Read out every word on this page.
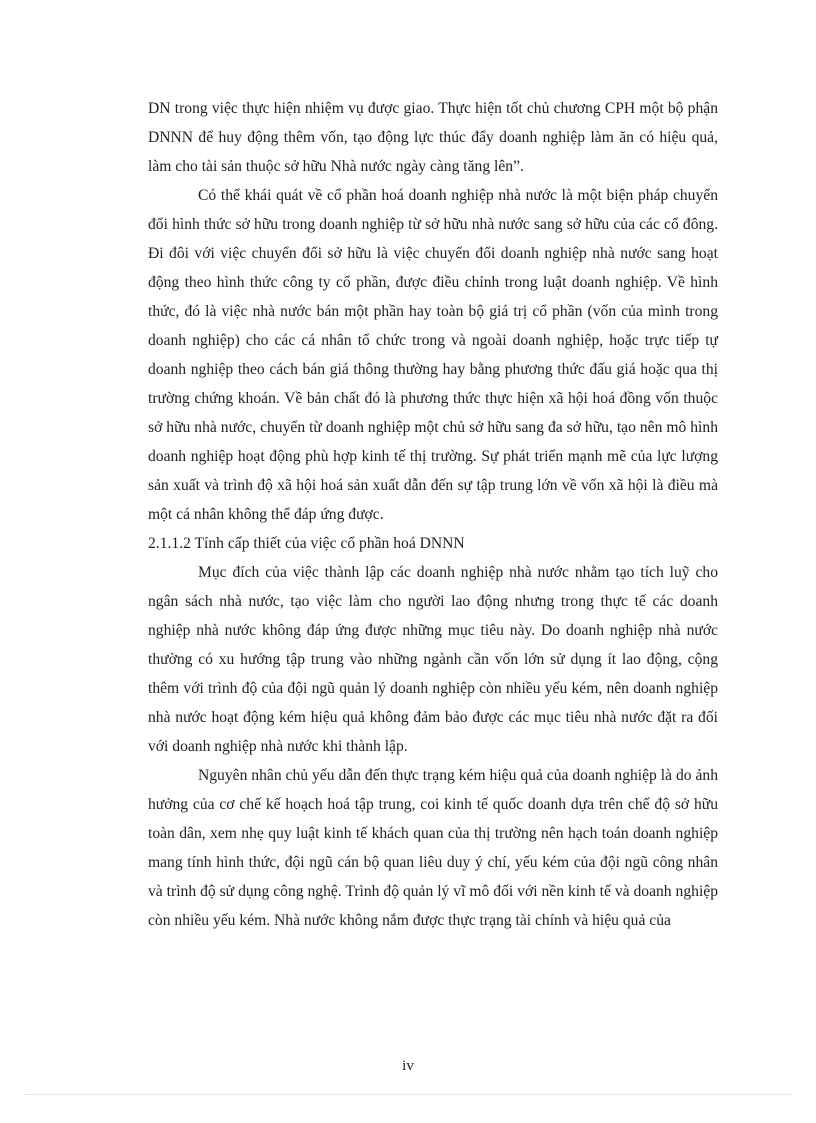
DN trong việc thực hiện nhiệm vụ được giao. Thực hiện tốt chủ chương CPH một bộ phận DNNN để huy động thêm vốn, tạo động lực thúc đẩy doanh nghiệp làm ăn có hiệu quả, làm cho tài sản thuộc sở hữu Nhà nước ngày càng tăng lên”.

Có thể khái quát về cổ phần hoá doanh nghiệp nhà nước là một biện pháp chuyển đổi hình thức sở hữu trong doanh nghiệp từ sở hữu nhà nước sang sở hữu của các cổ đông. Đi đôi với việc chuyển đổi sở hữu là việc chuyển đổi doanh nghiệp nhà nước sang hoạt động theo hình thức công ty cổ phần, được điều chỉnh trong luật doanh nghiệp. Về hình thức, đó là việc nhà nước bán một phần hay toàn bộ giá trị cổ phần (vốn của mình trong doanh nghiệp) cho các cá nhân tổ chức trong và ngoài doanh nghiệp, hoặc trực tiếp tự doanh nghiệp theo cách bán giá thông thường hay bằng phương thức đấu giá hoặc qua thị trường chứng khoán. Về bản chất đó là phương thức thực hiện xã hội hoá đồng vốn thuộc sở hữu nhà nước, chuyển từ doanh nghiệp một chủ sở hữu sang đa sở hữu, tạo nên mô hình doanh nghiệp hoạt động phù hợp kinh tế thị trường. Sự phát triển mạnh mẽ của lực lượng sản xuất và trình độ xã hội hoá sản xuất dẫn đến sự tập trung lớn về vốn xã hội là điều mà một cá nhân không thể đáp ứng được.

2.1.1.2 Tính cấp thiết của việc cổ phần hoá DNNN

Mục đích của việc thành lập các doanh nghiệp nhà nước nhằm tạo tích luỹ cho ngân sách nhà nước, tạo việc làm cho người lao động nhưng trong thực tế các doanh nghiệp nhà nước không đáp ứng được những mục tiêu này. Do doanh nghiệp nhà nước thường có xu hướng tập trung vào những ngành cần vốn lớn sử dụng ít lao động, cộng thêm với trình độ của đội ngũ quản lý doanh nghiệp còn nhiều yếu kém, nên doanh nghiệp nhà nước hoạt động kém hiệu quả không đảm bảo được các mục tiêu nhà nước đặt ra đối với doanh nghiệp nhà nước khi thành lập.

Nguyên nhân chủ yếu dẫn đến thực trạng kém hiệu quả của doanh nghiệp là do ảnh hưởng của cơ chế kế hoạch hoá tập trung, coi kinh tế quốc doanh dựa trên chế độ sở hữu toàn dân, xem nhẹ quy luật kinh tế khách quan của thị trường nên hạch toán doanh nghiệp mang tính hình thức, đội ngũ cán bộ quan liêu duy ý chí, yếu kém của đội ngũ công nhân và trình độ sử dụng công nghệ. Trình độ quản lý vĩ mô đối với nền kinh tế và doanh nghiệp còn nhiều yếu kém. Nhà nước không nắm được thực trạng tài chính và hiệu quả của

iv
